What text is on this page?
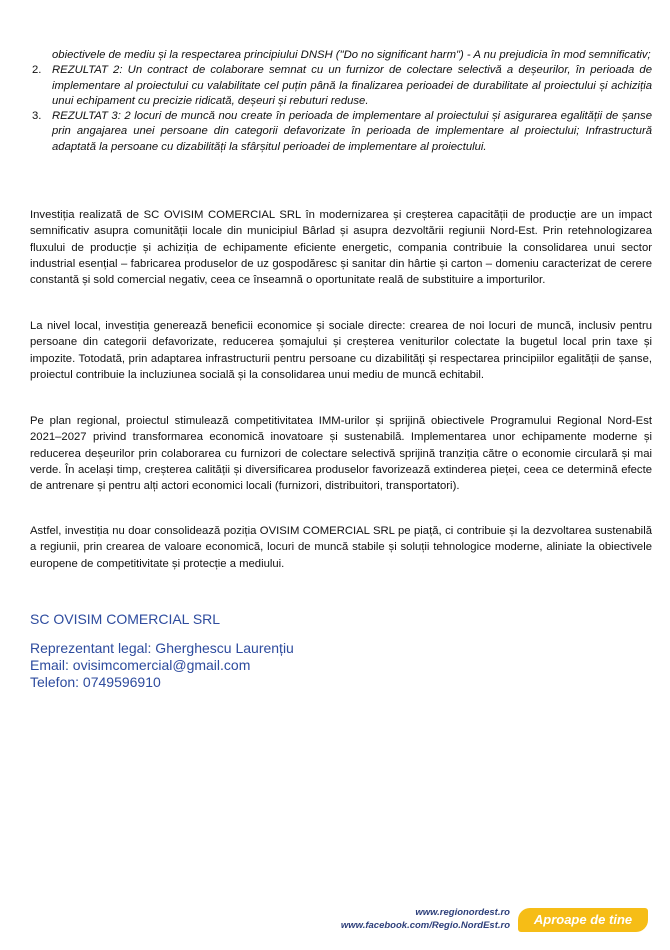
obiectivele de mediu și la respectarea principiului DNSH ("Do no significant harm") - A nu prejudicia în mod semnificativ;
2. REZULTAT 2: Un contract de colaborare semnat cu un furnizor de colectare selectivă a deșeurilor, în perioada de implementare al proiectului cu valabilitate cel puțin până la finalizarea perioadei de durabilitate al proiectului și achiziția unui echipament cu precizie ridicată, deșeuri și rebuturi reduse.
3. REZULTAT 3: 2 locuri de muncă nou create în perioada de implementare al proiectului și asigurarea egalității de șanse prin angajarea unei persoane din categorii defavorizate în perioada de implementare al proiectului; Infrastructură adaptată la persoane cu dizabilități la sfârșitul perioadei de implementare al proiectului.

Investiția realizată de SC OVISIM COMERCIAL SRL în modernizarea și creșterea capacității de producție are un impact semnificativ asupra comunității locale din municipiul Bârlad și asupra dezvoltării regiunii Nord-Est. Prin retehnologizarea fluxului de producție și achiziția de echipamente eficiente energetic, compania contribuie la consolidarea unui sector industrial esențial – fabricarea produselor de uz gospodăresc și sanitar din hârtie și carton – domeniu caracterizat de cerere constantă și sold comercial negativ, ceea ce înseamnă o oportunitate reală de substituire a importurilor.

La nivel local, investiția generează beneficii economice și sociale directe: crearea de noi locuri de muncă, inclusiv pentru persoane din categorii defavorizate, reducerea șomajului și creșterea veniturilor colectate la bugetul local prin taxe și impozite. Totodată, prin adaptarea infrastructurii pentru persoane cu dizabilități și respectarea principiilor egalității de șanse, proiectul contribuie la incluziunea socială și la consolidarea unui mediu de muncă echitabil.

Pe plan regional, proiectul stimulează competitivitatea IMM-urilor și sprijină obiectivele Programului Regional Nord-Est 2021–2027 privind transformarea economică inovatoare și sustenabilă. Implementarea unor echipamente moderne și reducerea deșeurilor prin colaborarea cu furnizori de colectare selectivă sprijină tranziția către o economie circulară și mai verde. În același timp, creșterea calității și diversificarea produselor favorizează extinderea pieței, ceea ce determină efecte de antrenare și pentru alți actori economici locali (furnizori, distribuitori, transportatori).

Astfel, investiția nu doar consolidează poziția OVISIM COMERCIAL SRL pe piață, ci contribuie și la dezvoltarea sustenabilă a regiunii, prin crearea de valoare economică, locuri de muncă stabile și soluții tehnologice moderne, aliniate la obiectivele europene de competitivitate și protecție a mediului.

SC OVISIM COMERCIAL SRL

Reprezentant legal: Gherghescu Laurențiu

Email: ovisimcomercial@gmail.com

Telefon: 0749596910

www.regionordest.ro
www.facebook.com/Regio.NordEst.ro	Aproape de tine
